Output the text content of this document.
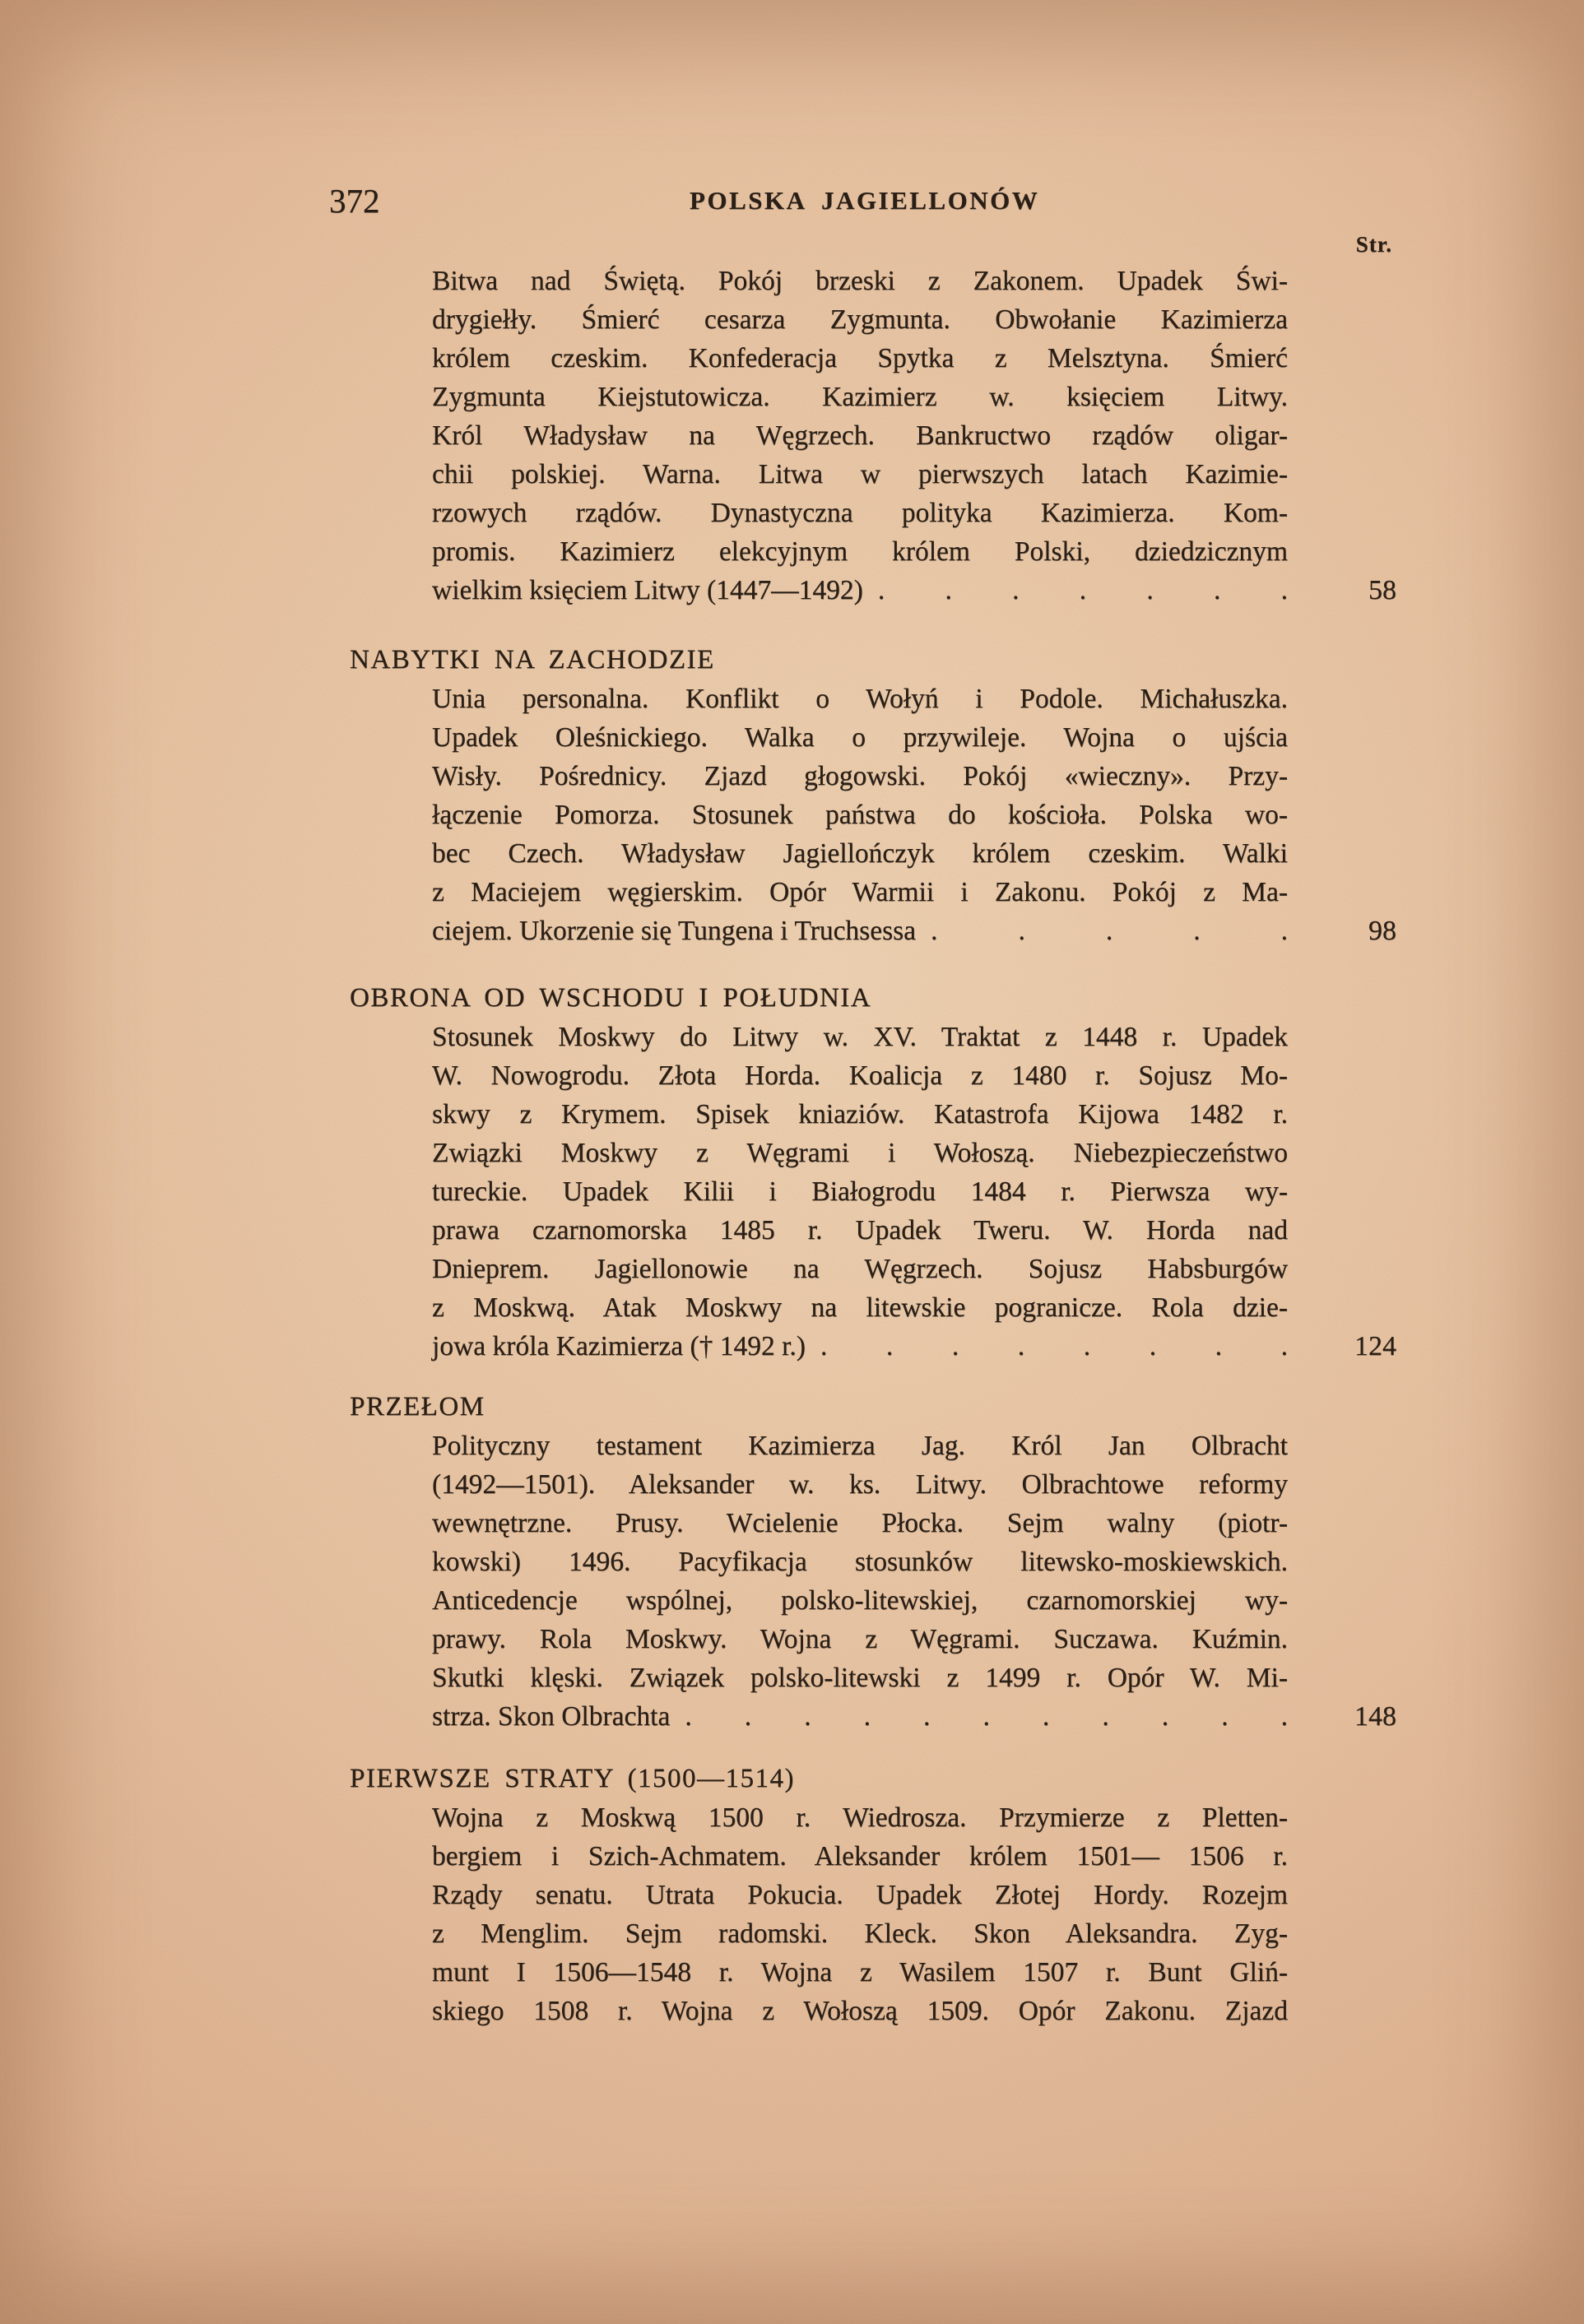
372	POLSKA JAGIELLONÓW
Str.
Bitwa nad Świętą. Pokój brzeski z Zakonem. Upadek Świ-
drygiełły. Śmierć cesarza Zygmunta. Obwołanie Kazimierza
królem czeskim. Konfederacja Spytka z Melsztyna. Śmierć
Zygmunta Kiejstutowicza. Kazimierz w. księciem Litwy.
Król Władysław na Węgrzech. Bankructwo rządów oligar-
chii polskiej. Warna. Litwa w pierwszych latach Kazimie-
rzowych rządów. Dynastyczna polityka Kazimierza. Kom-
promis. Kazimierz elekcyjnym królem Polski, dziedzicznym
wielkim księciem Litwy (1447—1492) . . . . . . .	58
NABYTKI NA ZACHODZIE
Unia personalna. Konflikt o Wołyń i Podole. Michałuszka.
Upadek Oleśnickiego. Walka o przywileje. Wojna o ujścia
Wisły. Pośrednicy. Zjazd głogowski. Pokój «wieczny». Przy-
łączenie Pomorza. Stosunek państwa do kościoła. Polska wo-
bec Czech. Władysław Jagiellończyk królem czeskim. Walki
z Maciejem węgierskim. Opór Warmii i Zakonu. Pokój z Ma-
ciejem. Ukorzenie się Tungena i Truchsessa . . . . .	98
OBRONA OD WSCHODU I POŁUDNIA
Stosunek Moskwy do Litwy w. XV. Traktat z 1448 r. Upadek
W. Nowogrodu. Złota Horda. Koalicja z 1480 r. Sojusz Mo-
skwy z Krymem. Spisek kniaziów. Katastrofa Kijowa 1482 r.
Związki Moskwy z Węgrami i Wołoszą. Niebezpieczeństwo
tureckie. Upadek Kilii i Białogrodu 1484 r. Pierwsza wy-
prawa czarnomorska 1485 r. Upadek Tweru. W. Horda nad
Dnieprem. Jagiellonowie na Węgrzech. Sojusz Habsburgów
z Moskwą. Atak Moskwy na litewskie pogranicze. Rola dzie-
jowa króla Kazimierza († 1492 r.) . . . . . . . . 124
PRZEŁOM
Polityczny testament Kazimierza Jag. Król Jan Olbracht
(1492—1501). Aleksander w. ks. Litwy. Olbrachtowe reformy
wewnętrzne. Prusy. Wcielenie Płocka. Sejm walny (piotr-
kowski) 1496. Pacyfikacja stosunków litewsko-moskiewskich.
Anticedencje wspólnej, polsko-litewskiej, czarnomorskiej wy-
prawy. Rola Moskwy. Wojna z Węgrami. Suczawa. Kuźmin.
Skutki klęski. Związek polsko-litewski z 1499 r. Opór W. Mi-
strza. Skon Olbrachta . . . . . . . . . . . 148
PIERWSZE STRATY (1500—1514)
Wojna z Moskwą 1500 r. Wiedrosza. Przymierze z Pletten-
bergiem i Szich-Achmatem. Aleksander królem 1501— 1506 r.
Rządy senatu. Utrata Pokucia. Upadek Złotej Hordy. Rozejm
z Menglim. Sejm radomski. Kleck. Skon Aleksandra. Zyg-
munt I 1506—1548 r. Wojna z Wasilem 1507 r. Bunt Gliń-
skiego 1508 r. Wojna z Wołoszą 1509. Opór Zakonu. Zjazd
